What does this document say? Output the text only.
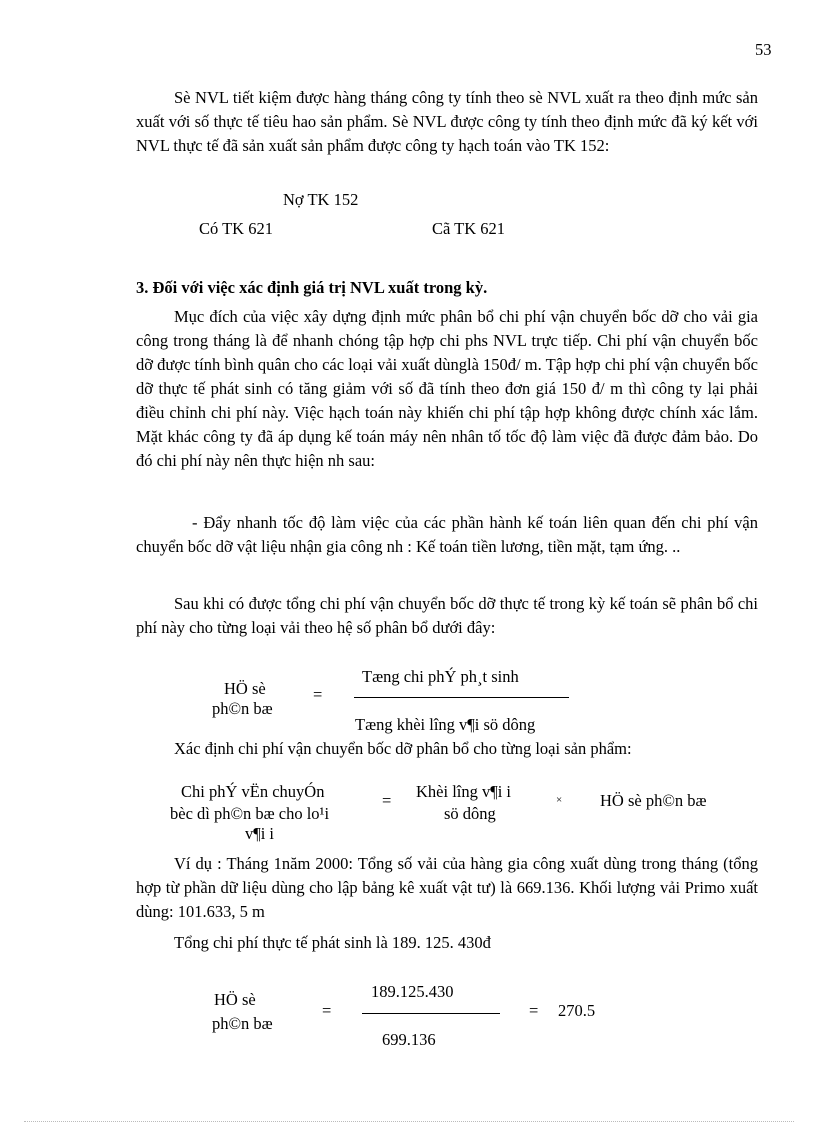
53
Sè NVL tiết kiệm được hàng tháng công ty tính theo sè NVL xuất ra theo định mức sản xuất với số thực tế tiêu hao sản phẩm. Sè NVL được công ty tính theo định mức đã ký kết với NVL thực tế đã sản xuất sản phẩm được công ty hạch toán vào TK 152:
Nợ TK 152
Có TK 621	Cã TK 621
3. Đối với việc xác định giá trị NVL xuất trong kỳ.
Mục đích của việc xây dựng định mức phân bổ chi phí vận chuyển bốc dỡ cho vải gia công trong tháng là để nhanh chóng tập hợp chi phs NVL trực tiếp. Chi phí vận chuyển bốc dỡ được tính bình quân cho các loại vải xuất dùnglà 150đ/ m. Tập hợp chi phí vận chuyển bốc dỡ thực tế phát sinh có tăng giảm với số đã tính theo đơn giá 150 đ/ m thì công ty lại phải điều chỉnh chi phí này. Việc hạch toán này khiến chi phí tập hợp không được chính xác lắm. Mặt khác công ty đã áp dụng kế toán máy nên nhân tố tốc độ làm việc đã được đảm bảo. Do đó chi phí này nên thực hiện nh sau:
- Đẩy nhanh tốc độ làm việc của các phần hành kế toán liên quan đến chi phí vận chuyển bốc dỡ vật liệu nhận gia công nh : Kế toán tiền lương, tiền mặt, tạm ứng. ..
Sau khi có được tổng chi phí vận chuyển bốc dỡ thực tế trong kỳ kế toán sẽ phân bổ chi phí này cho từng loại vải theo hệ số phân bổ dưới đây:
HÖ sè
ph©n bæ
=
Tæng chi phÝ ph¸t sinh
Tæng khèi lîng v¶i sö dông
Xác định chi phí vận chuyển bốc dỡ phân bổ cho từng loại sản phẩm:
Chi phÝ vËn chuyÓn
bèc dì ph©n bæ cho lo¹i
v¶i i
= Khèi lîng v¶i i
sö dông
× HÖ sè ph©n bæ
Ví dụ : Tháng 1năm 2000: Tổng số vải của hàng gia công xuất dùng trong tháng (tổng hợp từ phần dữ liệu dùng cho lập bảng kê xuất vật tư) là 669.136. Khối lượng vải Primo xuất dùng: 101.633, 5 m
Tổng chi phí thực tế phát sinh là 189. 125. 430đ
HÖ sè
ph©n bæ
=
189.125.430
699.136
= 270.5
